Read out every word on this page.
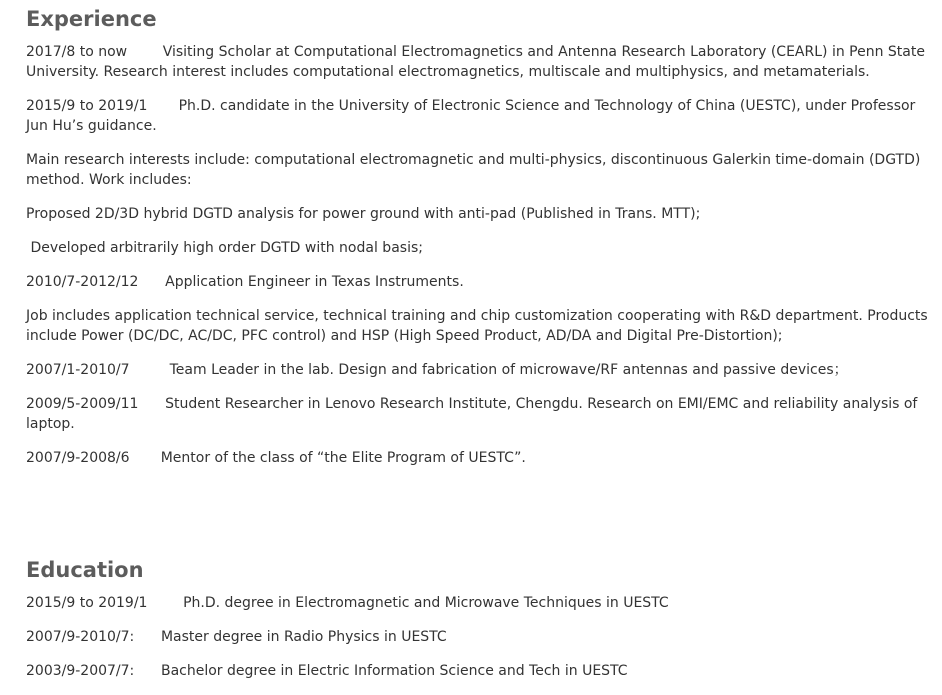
Experience

2017/8 to now        Visiting Scholar at Computational Electromagnetics and Antenna Research Laboratory (CEARL) in Penn State University. Research interest includes computational electromagnetics, multiscale and multiphysics, and metamaterials.

2015/9 to 2019/1       Ph.D. candidate in the University of Electronic Science and Technology of China (UESTC), under Professor Jun Hu’s guidance.

Main research interests include: computational electromagnetic and multi-physics, discontinuous Galerkin time-domain (DGTD) method. Work includes:

Proposed 2D/3D hybrid DGTD analysis for power ground with anti-pad (Published in Trans. MTT);

Developed arbitrarily high order DGTD with nodal basis;

2010/7-2012/12      Application Engineer in Texas Instruments.

Job includes application technical service, technical training and chip customization cooperating with R&D department. Products include Power (DC/DC, AC/DC, PFC control) and HSP (High Speed Product, AD/DA and Digital Pre-Distortion);

2007/1-2010/7         Team Leader in the lab. Design and fabrication of microwave/RF antennas and passive devices；

2009/5-2009/11      Student Researcher in Lenovo Research Institute, Chengdu. Research on EMI/EMC and reliability analysis of laptop.

2007/9-2008/6       Mentor of the class of “the Elite Program of UESTC”.

Education

2015/9 to 2019/1        Ph.D. degree in Electromagnetic and Microwave Techniques in UESTC

2007/9-2010/7:      Master degree in Radio Physics in UESTC

2003/9-2007/7:      Bachelor degree in Electric Information Science and Tech in UESTC
